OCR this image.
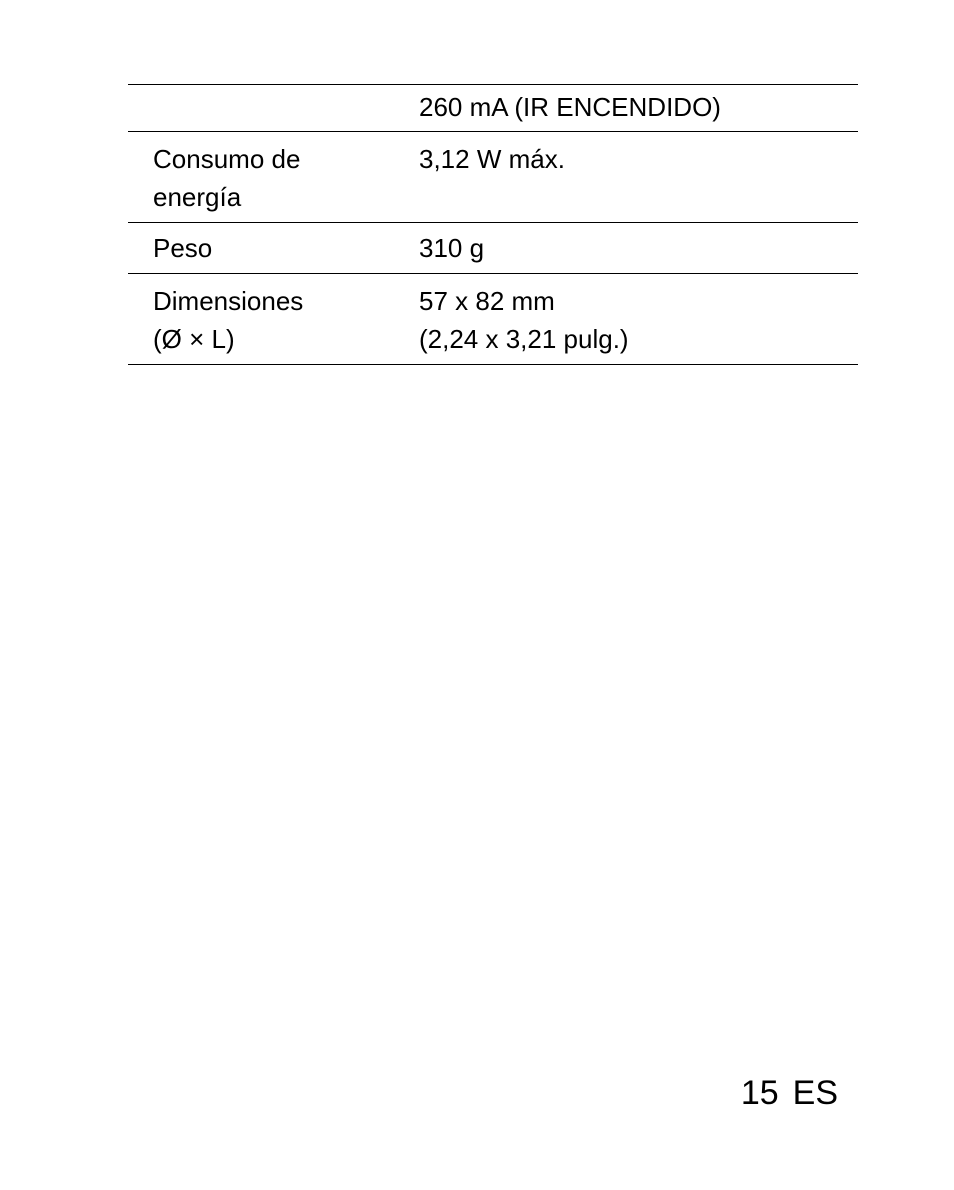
260 mA (IR ENCENDIDO)
Consumo de
energía
3,12 W máx.
Peso	310 g
Dimensiones
(Ø × L)
57 x 82 mm
(2,24 x 3,21 pulg.)
15 ES
